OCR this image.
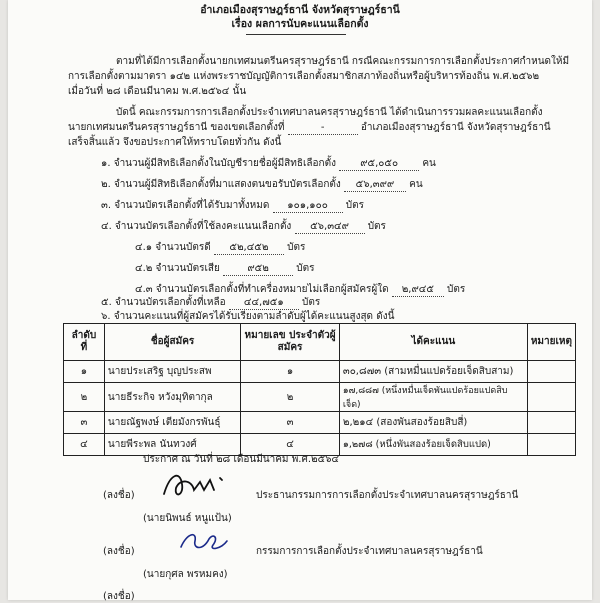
อำเภอเมืองสุราษฎร์ธานี จังหวัดสุราษฎร์ธานี
เรื่อง ผลการนับคะแนนเลือกตั้ง
ตามที่ได้มีการเลือกตั้งนายกเทศมนตรีนครสุราษฎร์ธานี กรณีคณะกรรมการการเลือกตั้งประกาศกำหนดให้มี
การเลือกตั้งตามมาตรา ๑๔๒ แห่งพระราชบัญญัติการเลือกตั้งสมาชิกสภาท้องถิ่นหรือผู้บริหารท้องถิ่น พ.ศ.๒๕๖๒
เมื่อวันที่ ๒๘ เดือนมีนาคม พ.ศ.๒๕๖๔ นั้น
บัดนี้ คณะกรรมการการเลือกตั้งประจำเทศบาลนครสุราษฎร์ธานี ได้ดำเนินการรวมผลคะแนนเลือกตั้ง
นายกเทศมนตรีนครสุราษฎร์ธานี ของเขตเลือกตั้งที่	-	อำเภอเมืองสุราษฎร์ธานี จังหวัดสุราษฎร์ธานี
เสร็จสิ้นแล้ว จึงขอประกาศให้ทราบโดยทั่วกัน ดังนี้
๑. จำนวนผู้มีสิทธิเลือกตั้งในบัญชีรายชื่อผู้มีสิทธิเลือกตั้ง ๙๕,๐๕๐ คน
๒. จำนวนผู้มีสิทธิเลือกตั้งที่มาแสดงตนขอรับบัตรเลือกตั้ง ๕๖,๓๙๙ คน
๓. จำนวนบัตรเลือกตั้งที่ได้รับมาทั้งหมด ๑๐๑,๑๐๐ บัตร
๔. จำนวนบัตรเลือกตั้งที่ใช้ลงคะแนนเลือกตั้ง ๕๖,๓๔๙ บัตร
๔.๑ จำนวนบัตรดี ๕๒,๔๕๒ บัตร
๔.๒ จำนวนบัตรเสีย	๙๕๒	บัตร
๔.๓ จำนวนบัตรเลือกตั้งที่ทำเครื่องหมายไม่เลือกผู้สมัครผู้ใด ๒,๙๔๕ บัตร
๕. จำนวนบัตรเลือกตั้งที่เหลือ ๔๔,๗๕๑ บัตร
๖. จำนวนคะแนนที่ผู้สมัครได้รับเรียงตามลำดับผู้ได้คะแนนสูงสุด ดังนี้
ลำดับ ที่	ชื่อผู้สมัคร	หมายเลข ประจำตัวผู้สมัคร	ได้คะแนน	หมายเหตุ
๑	นายประเสริฐ บุญประสพ	๑	๓๐,๘๗๓ (สามหมื่นแปดร้อยเจ็ดสิบสาม)	
๒	นายธีระกิจ หวังมุทิตากุล	๒	๑๗,๘๘๗ (หนึ่งหมื่นเจ็ดพันแปดร้อยแปดสิบเจ็ด)	
๓	นายณัฐพงษ์ เตียมังกรพันธุ์	๓	๒,๒๑๔ (สองพันสองร้อยสิบสี่)	
๔	นายพีระพล นันทวงศ์	๔	๑,๒๗๘ (หนึ่งพันสองร้อยเจ็ดสิบแปด)	
ประกาศ ณ วันที่ ๒๘ เดือนมีนาคม พ.ศ.๒๕๖๔
(ลงชื่อ)	ประธานกรรมการการเลือกตั้งประจำเทศบาลนครสุราษฎร์ธานี
(นายนิพนธ์ หนูแป้น)
(ลงชื่อ)	กรรมการการเลือกตั้งประจำเทศบาลนครสุราษฎร์ธานี
(นายกุศล พรหมคง)
(ลงชื่อ)
